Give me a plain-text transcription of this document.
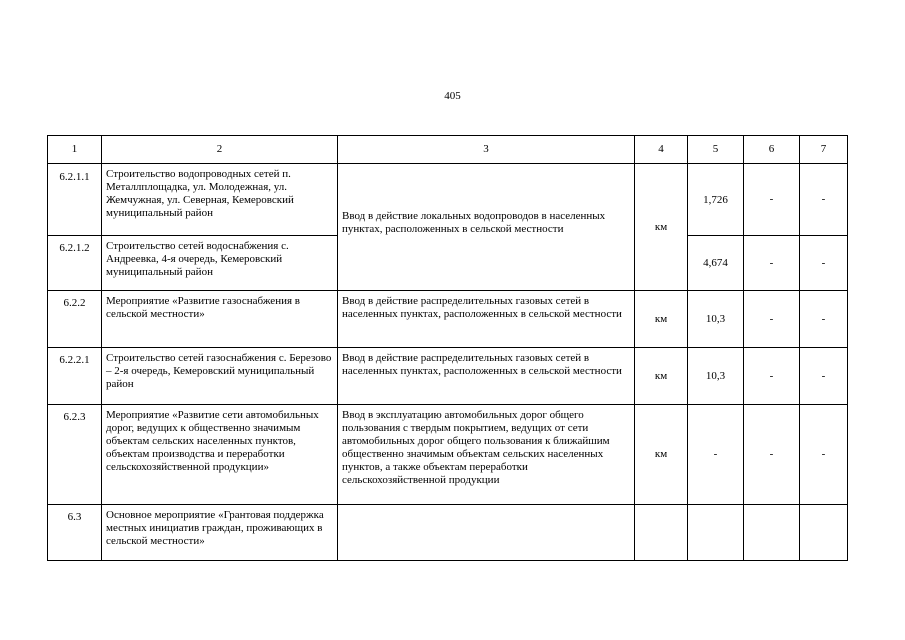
405
1	2	3	4	5	6	7
6.2.1.1	Строительство водопроводных сетей п. Металлплощадка, ул. Молодежная, ул. Жемчужная, ул. Северная, Кемеровский муниципальный район	Ввод в действие локальных водопроводов в населенных пунктах, расположенных в сельской местности	км	1,726	-	-
6.2.1.2	Строительство сетей водоснабжения с. Андреевка, 4-я очередь, Кемеровский муниципальный район			4,674	-	-
6.2.2	Мероприятие «Развитие газоснабжения в сельской местности»	Ввод в действие распределительных газовых сетей в населенных пунктах, расположенных в сельской местности	км	10,3	-	-
6.2.2.1	Строительство сетей газоснабжения с. Березово – 2-я очередь, Кемеровский муниципальный район	Ввод в действие распределительных газовых сетей в населенных пунктах, расположенных в сельской местности	км	10,3	-	-
6.2.3	Мероприятие «Развитие сети автомобильных дорог, ведущих к общественно значимым объектам сельских населенных пунктов, объектам производства и переработки сельскохозяйственной продукции»	Ввод в эксплуатацию автомобильных дорог общего пользования с твердым покрытием, ведущих от сети автомобильных дорог общего пользования к ближайшим общественно значимым объектам сельских населенных пунктов, а также объектам переработки сельскохозяйственной продукции	км	-	-	-
6.3	Основное мероприятие «Грантовая поддержка местных инициатив граждан, проживающих в сельской местности»					
